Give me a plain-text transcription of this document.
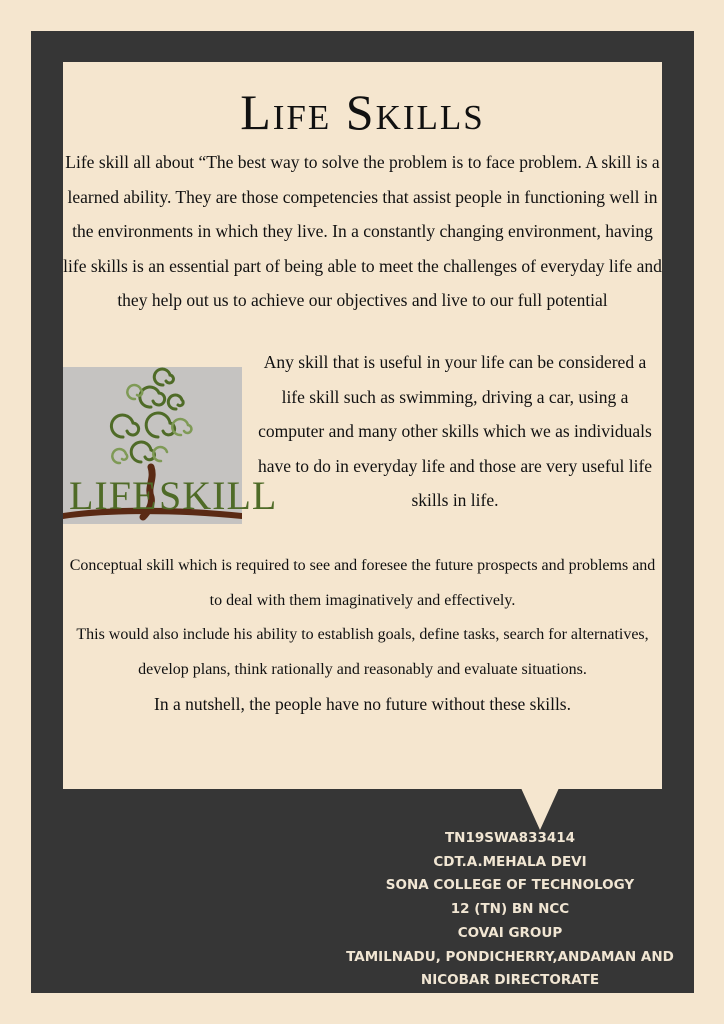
Life Skills

Life skill all about “The best way to solve the problem is to face problem. A skill is a learned ability. They are those competencies that assist people in functioning well in the environments in which they live. In a constantly changing environment, having life skills is an essential part of being able to meet the challenges of everyday life and they help out us to achieve our objectives and live to our full potential

LIFE SKILL

Any skill that is useful in your life can be considered a life skill such as swimming, driving a car, using a computer and many other skills which we as individuals have to do in everyday life and those are very useful life skills in life.

Conceptual skill which is required to see and foresee the future prospects and problems and to deal with them imaginatively and effectively.

This would also include his ability to establish goals, define tasks, search for alternatives, develop plans, think rationally and reasonably and evaluate situations.

In a nutshell, the people have no future without these skills.

TN19SWA833414
CDT.A.MEHALA DEVI
SONA COLLEGE OF TECHNOLOGY
12 (TN) BN NCC
COVAI GROUP
TAMILNADU, PONDICHERRY,ANDAMAN AND
NICOBAR DIRECTORATE
